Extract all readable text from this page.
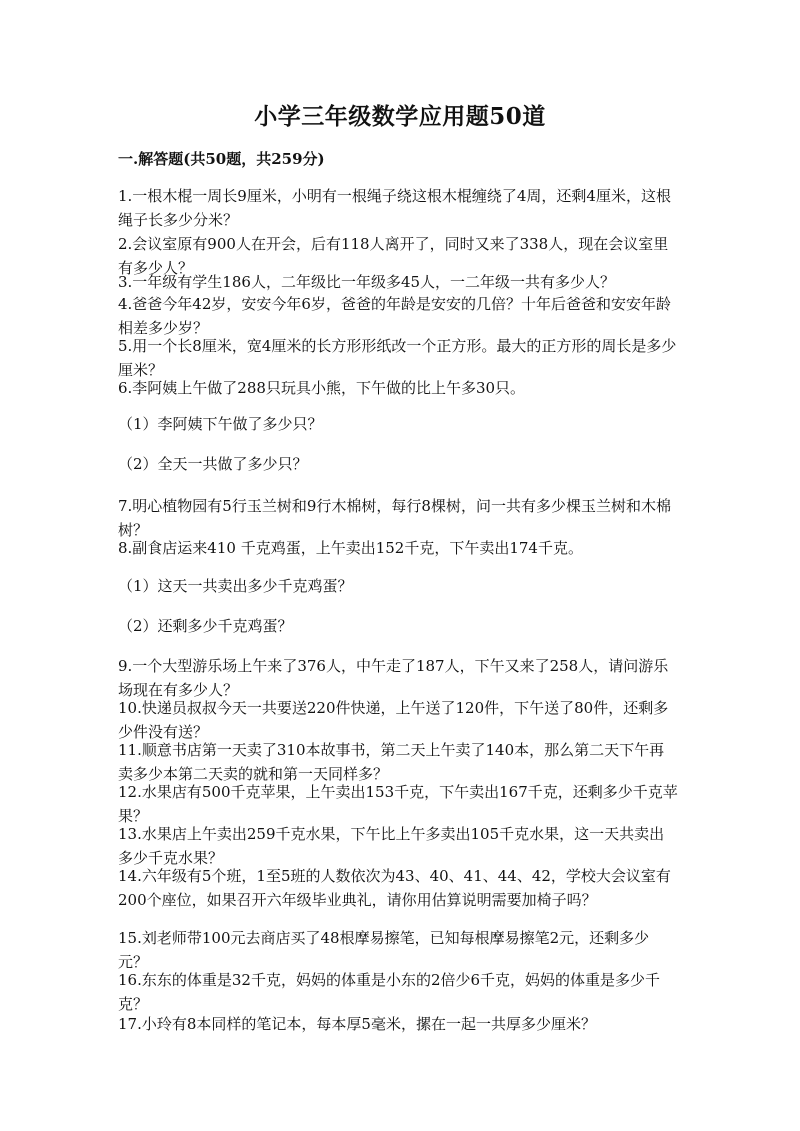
小学三年级数学应用题50道
一.解答题(共50题，共259分)
1.一根木棍一周长9厘米，小明有一根绳子绕这根木棍缠绕了4周，还剩4厘米，这根绳子长多少分米？
2.会议室原有900人在开会，后有118人离开了，同时又来了338人，现在会议室里有多少人？
3.一年级有学生186人，二年级比一年级多45人，一二年级一共有多少人？
4.爸爸今年42岁，安安今年6岁，爸爸的年龄是安安的几倍？十年后爸爸和安安年龄相差多少岁？
5.用一个长8厘米，宽4厘米的长方形形纸改一个正方形。最大的正方形的周长是多少厘米？
6.李阿姨上午做了288只玩具小熊，下午做的比上午多30只。
（1）李阿姨下午做了多少只？
（2）全天一共做了多少只？
7.明心植物园有5行玉兰树和9行木棉树，每行8棵树，问一共有多少棵玉兰树和木棉树？
8.副食店运来410 千克鸡蛋，上午卖出152千克，下午卖出174千克。
（1）这天一共卖出多少千克鸡蛋？
（2）还剩多少千克鸡蛋？
9.一个大型游乐场上午来了376人，中午走了187人，下午又来了258人，请问游乐场现在有多少人？
10.快递员叔叔今天一共要送220件快递，上午送了120件，下午送了80件，还剩多少件没有送？
11.顺意书店第一天卖了310本故事书，第二天上午卖了140本，那么第二天下午再卖多少本第二天卖的就和第一天同样多？
12.水果店有500千克苹果，上午卖出153千克，下午卖出167千克，还剩多少千克苹果？
13.水果店上午卖出259千克水果，下午比上午多卖出105千克水果，这一天共卖出多少千克水果？
14.六年级有5个班，1至5班的人数依次为43、40、41、44、42，学校大会议室有200个座位，如果召开六年级毕业典礼，请你用估算说明需要加椅子吗？
15.刘老师带100元去商店买了48根摩易擦笔，已知每根摩易擦笔2元，还剩多少元？
16.东东的体重是32千克，妈妈的体重是小东的2倍少6千克，妈妈的体重是多少千克？
17.小玲有8本同样的笔记本，每本厚5毫米，摞在一起一共厚多少厘米？
